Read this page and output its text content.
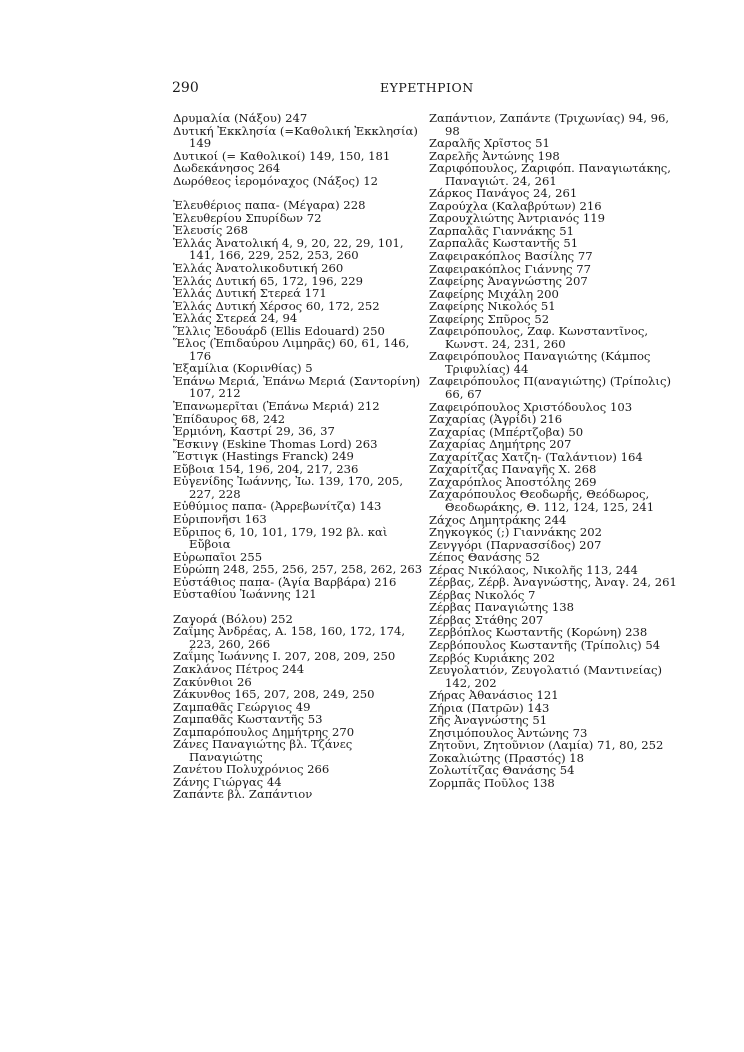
290	ΕΥΡΕΤΗΡΙΟΝ
Δρυμαλία (Νάξου) 247
Δυτική Ἐκκλησία (=Καθολική Ἐκκλησία) 149
Δυτικοί (= Καθολικοί) 149, 150, 181
Δωδεκάνησος 264
Δωρόθεος ἱερομόναχος (Νάξος) 12
Ἐλευθέριος παπα- (Μέγαρα) 228
Ἐλευθερίου Σπυρίδων 72
Ἐλευσίς 268
Ἑλλάς Ἀνατολική 4, 9, 20, 22, 29, 101, 141, 166, 229, 252, 253, 260
Ἑλλάς Ἀνατολικοδυτική 260
Ἑλλάς Δυτική 65, 172, 196, 229
Ἑλλάς Δυτική Στερεά 171
Ἑλλάς Δυτική Χέρσος 60, 172, 252
Ἑλλάς Στερεά 24, 94
Ἕλλις Ἐδουάρδ (Ellis Edouard) 250
Ἕλος (Ἐπιδαύρου Λιμηρᾶς) 60, 61, 146, 176
Ἐξαμίλια (Κορινθίας) 5
Ἐπάνω Μεριά, Ἐπάνω Μεριά (Σαντορίνη) 107, 212
Ἐπανωμερῖται (Ἐπάνω Μεριά) 212
Ἐπίδαυρος 68, 242
Ἑρμιόνη, Καστρί 29, 36, 37
Ἔσκινγ (Eskine Thomas Lord) 263
Ἕστιγκ (Hastings Franck) 249
Εὔβοια 154, 196, 204, 217, 236
Εὐγενίδης Ἰωάννης, Ἰω. 139, 170, 205, 227, 228
Εὐθύμιος παπα- (Ἀρρεβωνίτζα) 143
Εὐριπονῆσι 163
Εὔριπος 6, 10, 101, 179, 192 βλ. καὶ Εὔβοια
Εὐρωπαῖοι 255
Εὐρώπη 248, 255, 256, 257, 258, 262, 263
Εὐστάθιος παπα- (Ἁγία Βαρβάρα) 216
Εὐσταθίου Ἰωάννης 121
Ζαγορά (Βόλου) 252
Ζαΐμης Ἀνδρέας, Α. 158, 160, 172, 174, 223, 260, 266
Ζαΐμης Ἰωάννης Ι. 207, 208, 209, 250
Ζακλάνος Πέτρος 244
Ζακύνθιοι 26
Ζάκυνθος 165, 207, 208, 249, 250
Ζαμπαθᾶς Γεώργιος 49
Ζαμπαθᾶς Κωσταντῆς 53
Ζαμπαρόπουλος Δημήτρης 270
Ζάνες Παναγιώτης βλ. Τζάνες Παναγιώτης
Ζανέτου Πολυχρόνιος 266
Ζάνης Γιώργας 44
Ζαπάντε βλ. Ζαπάντιον
Ζαπάντιον, Ζαπάντε (Τριχωνίας) 94, 96, 98
Ζαραλῆς Χρῖστος 51
Ζαρελῆς Ἀντώνης 198
Ζαριφόπουλος, Ζαριφόπ. Παναγιωτάκης, Παναγιώτ. 24, 261
Ζάρκος Πανάγος 24, 261
Ζαρούχλα (Καλαβρύτων) 216
Ζαρουχλιώτης Ἀντριανός 119
Ζαρπαλᾶς Γιαννάκης 51
Ζαρπαλᾶς Κωσταντῆς 51
Ζαφειρακόπλος Βασίλης 77
Ζαφειρακόπλος Γιάννης 77
Ζαφείρης Ἀναγνώστης 207
Ζαφείρης Μιχάλη 200
Ζαφείρης Νικολός 51
Ζαφείρης Σπῦρος 52
Ζαφειρόπουλος, Ζαφ. Κωνσταντῖνος, Κωνστ. 24, 231, 260
Ζαφειρόπουλος Παναγιώτης (Κάμπος Τριφυλίας) 44
Ζαφειρόπουλος Π(αναγιώτης) (Τρίπολις) 66, 67
Ζαφειρόπουλος Χριστόδουλος 103
Ζαχαρίας (Ἀγρίδι) 216
Ζαχαρίας (Μπέρτζοβα) 50
Ζαχαρίας Δημήτρης 207
Ζαχαρίτζας Χατζη- (Ταλάντιον) 164
Ζαχαρίτζας Παναγῆς Χ. 268
Ζαχαρόπλος Ἀποστόλης 269
Ζαχαρόπουλος Θεοδωρῆς, Θεόδωρος, Θεοδωράκης, Θ. 112, 124, 125, 241
Ζάχος Δημητράκης 244
Ζηγκογκός (;) Γιαννάκης 202
Ζενγγόρι (Παρνασσίδος) 207
Ζέπος Θανάσης 52
Ζέρας Νικόλαος, Νικολῆς 113, 244
Ζέρβας, Ζέρβ. Ἀναγνώστης, Ἀναγ. 24, 261
Ζέρβας Νικολός 7
Ζέρβας Παναγιώτης 138
Ζέρβας Στάθης 207
Ζερβόπλος Κωσταντῆς (Κορώνη) 238
Ζερβόπουλος Κωσταντῆς (Τρίπολις) 54
Ζερβός Κυριάκης 202
Ζευγολατιόν, Ζευγολατιό (Μαντινείας) 142, 202
Ζήρας Ἀθανάσιος 121
Ζήρια (Πατρῶν) 143
Ζῆς Ἀναγνώστης 51
Ζησιμόπουλος Ἀντώνης 73
Ζητοῦνι, Ζητοῦνιον (Λαμία) 71, 80, 252
Ζοκαλιώτης (Πραστός) 18
Ζολωτίτζας Θανάσης 54
Ζορμπᾶς Ποῦλος 138
